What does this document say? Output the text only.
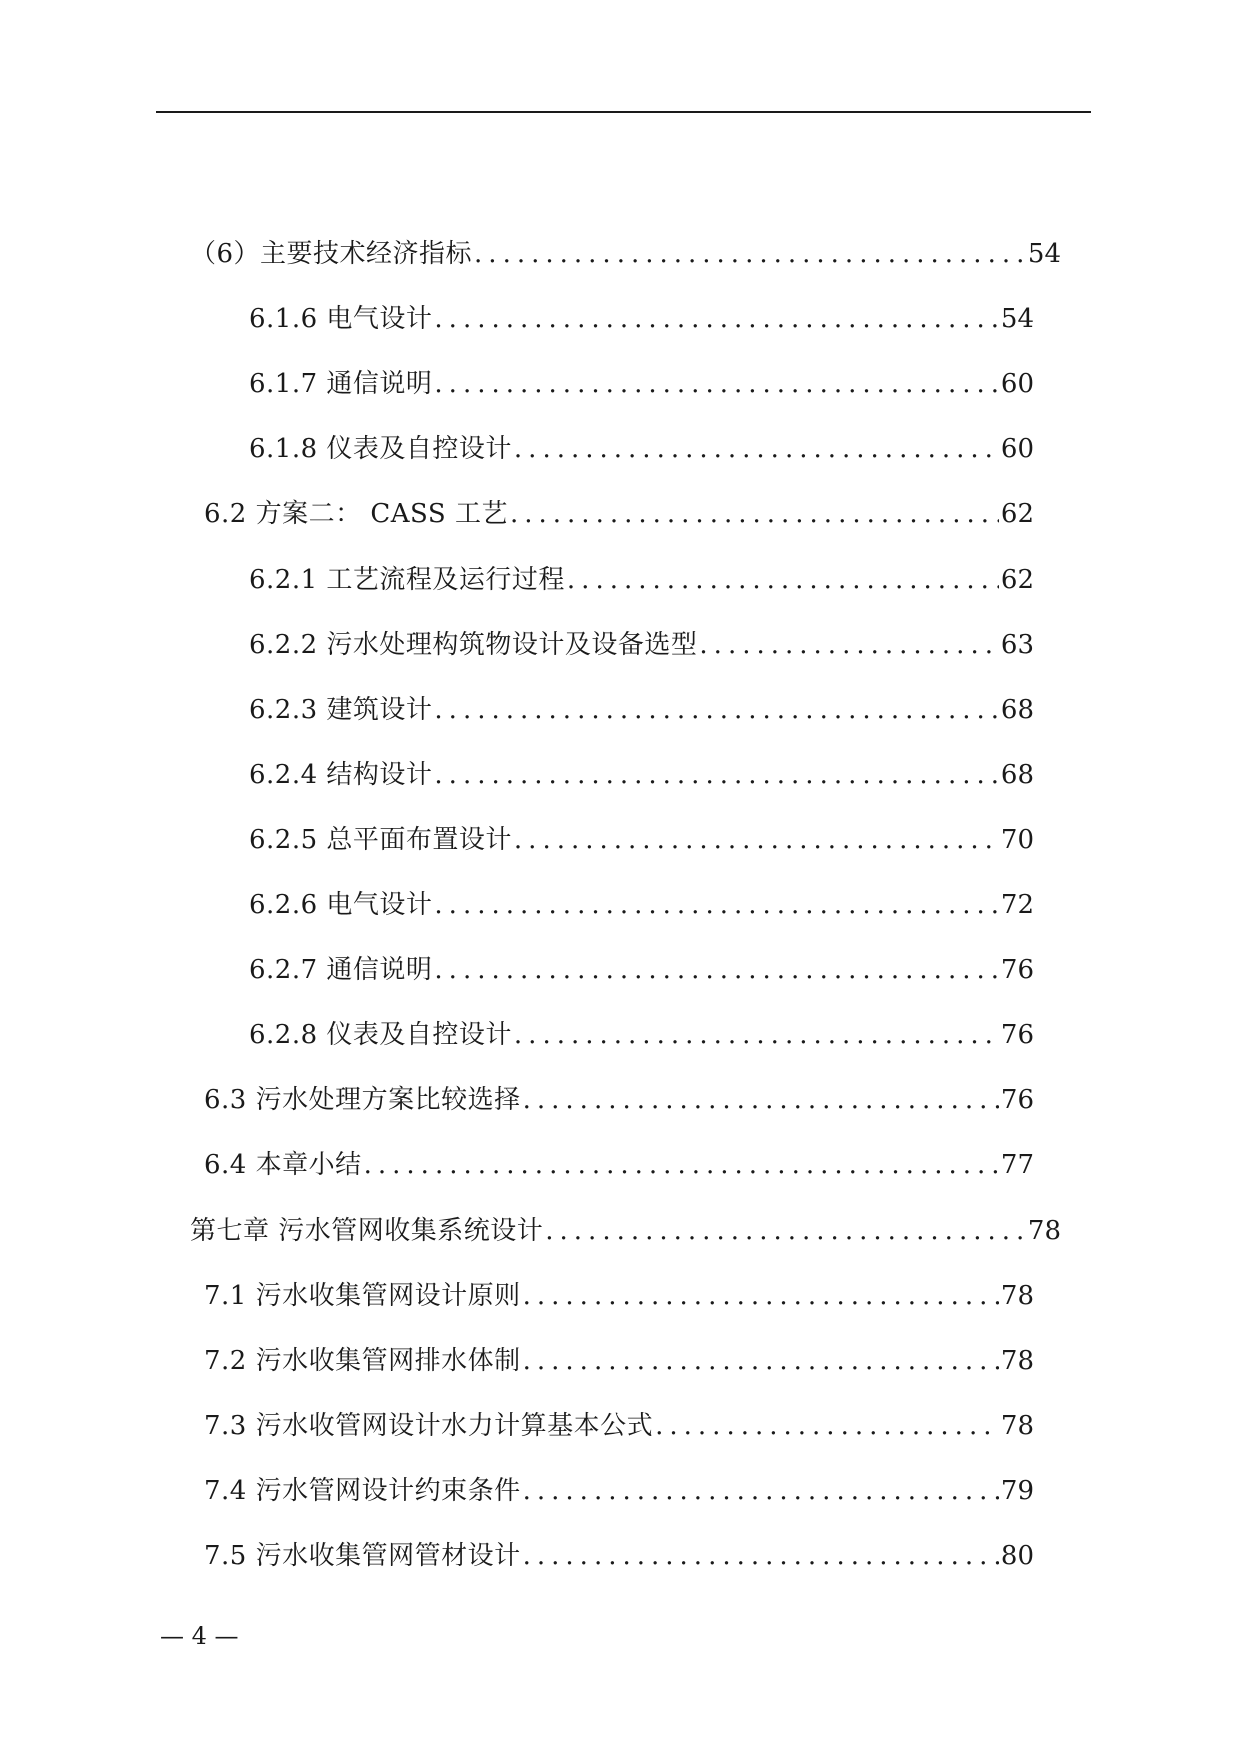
（6）主要技术经济指标 .....	54
6.1.6 电气设计 .....	54
6.1.7 通信说明 .....	60
6.1.8 仪表及自控设计 .....	60
6.2 方案二： CASS 工艺 .....	62
6.2.1 工艺流程及运行过程 .....	62
6.2.2 污水处理构筑物设计及设备选型 .....	63
6.2.3 建筑设计 .....	68
6.2.4 结构设计 .....	68
6.2.5 总平面布置设计 .....	70
6.2.6 电气设计 .....	72
6.2.7 通信说明 .....	76
6.2.8 仪表及自控设计 .....	76
6.3 污水处理方案比较选择 .....	76
6.4 本章小结 .....	77
第七章 污水管网收集系统设计 .....	78
7.1 污水收集管网设计原则 .....	78
7.2 污水收集管网排水体制 .....	78
7.3 污水收管网设计水力计算基本公式 .....	78
7.4 污水管网设计约束条件 .....	79
7.5 污水收集管网管材设计 .....	80
— 4 —
